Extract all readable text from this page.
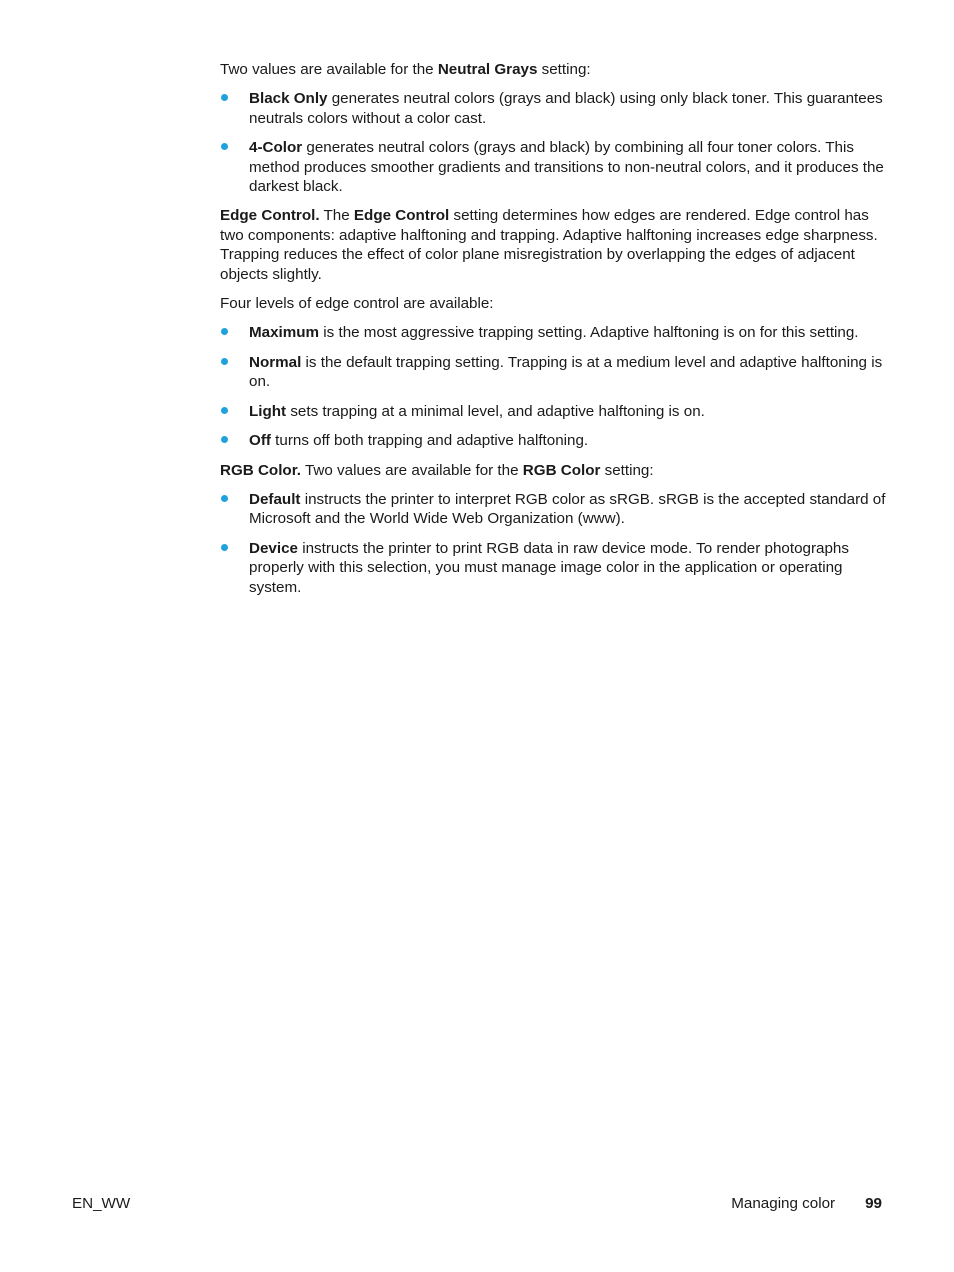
Two values are available for the Neutral Grays setting:

Black Only generates neutral colors (grays and black) using only black toner. This guarantees neutrals colors without a color cast.
4-Color generates neutral colors (grays and black) by combining all four toner colors. This method produces smoother gradients and transitions to non-neutral colors, and it produces the darkest black.

Edge Control. The Edge Control setting determines how edges are rendered. Edge control has two components: adaptive halftoning and trapping. Adaptive halftoning increases edge sharpness. Trapping reduces the effect of color plane misregistration by overlapping the edges of adjacent objects slightly.

Four levels of edge control are available:

Maximum is the most aggressive trapping setting. Adaptive halftoning is on for this setting.
Normal is the default trapping setting. Trapping is at a medium level and adaptive halftoning is on.
Light sets trapping at a minimal level, and adaptive halftoning is on.
Off turns off both trapping and adaptive halftoning.

RGB Color. Two values are available for the RGB Color setting:

Default instructs the printer to interpret RGB color as sRGB. sRGB is the accepted standard of Microsoft and the World Wide Web Organization (www).
Device instructs the printer to print RGB data in raw device mode. To render photographs properly with this selection, you must manage image color in the application or operating system.
EN_WW	Managing color 99
